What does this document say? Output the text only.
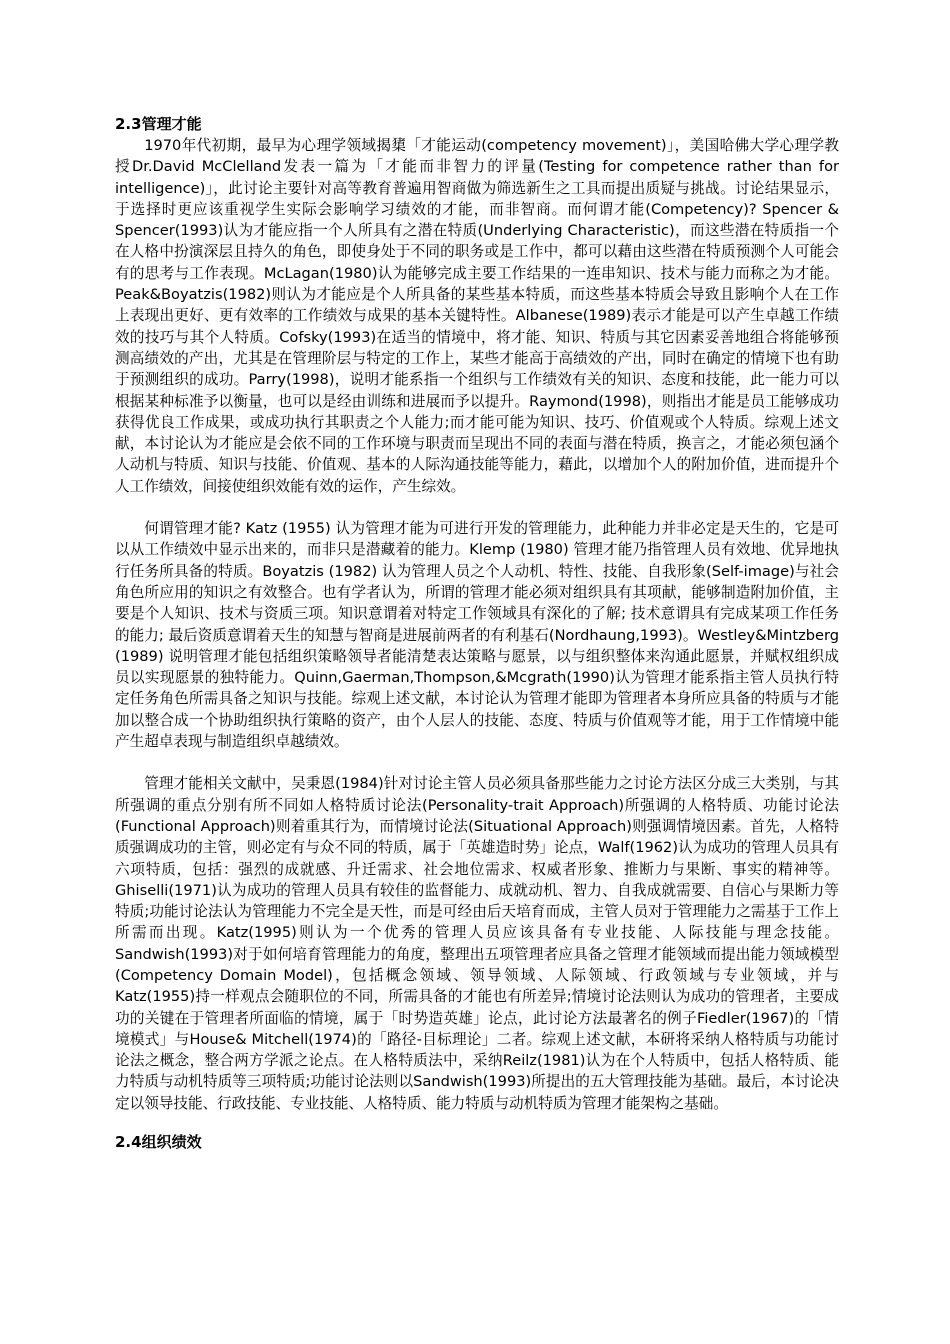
2.3管理才能

1970年代初期，最早为心理学领域揭橥「才能运动(competency movement)」，美国哈佛大学心理学教授Dr.David McClelland发表一篇为「才能而非智力的评量(Testing for competence rather than for intelligence)」，此讨论主要针对高等教育普遍用智商做为筛选新生之工具而提出质疑与挑战。讨论结果显示，于选择时更应该重视学生实际会影响学习绩效的才能，而非智商。而何谓才能(Competency)? Spencer & Spencer(1993)认为才能应指一个人所具有之潜在特质(Underlying Characteristic)，而这些潜在特质指一个在人格中扮演深层且持久的角色，即使身处于不同的职务或是工作中，都可以藉由这些潜在特质预测个人可能会有的思考与工作表现。McLagan(1980)认为能够完成主要工作结果的一连串知识、技术与能力而称之为才能。Peak&Boyatzis(1982)则认为才能应是个人所具备的某些基本特质，而这些基本特质会导致且影响个人在工作上表现出更好、更有效率的工作绩效与成果的基本关键特性。Albanese(1989)表示才能是可以产生卓越工作绩效的技巧与其个人特质。Cofsky(1993)在适当的情境中，将才能、知识、特质与其它因素妥善地组合将能够预测高绩效的产出，尤其是在管理阶层与特定的工作上，某些才能高于高绩效的产出，同时在确定的情境下也有助于预测组织的成功。Parry(1998)，说明才能系指一个组织与工作绩效有关的知识、态度和技能，此一能力可以根据某种标准予以衡量，也可以是经由训练和进展而予以提升。Raymond(1998)，则指出才能是员工能够成功获得优良工作成果，或成功执行其职责之个人能力;而才能可能为知识、技巧、价值观或个人特质。综观上述文献，本讨论认为才能应是会依不同的工作环境与职责而呈现出不同的表面与潜在特质，换言之，才能必须包涵个人动机与特质、知识与技能、价值观、基本的人际沟通技能等能力，藉此，以增加个人的附加价值，进而提升个人工作绩效，间接使组织效能有效的运作，产生综效。

何谓管理才能? Katz (1955) 认为管理才能为可进行开发的管理能力，此种能力并非必定是天生的，它是可以从工作绩效中显示出来的，而非只是潜藏着的能力。Klemp (1980) 管理才能乃指管理人员有效地、优异地执行任务所具备的特质。Boyatzis (1982) 认为管理人员之个人动机、特性、技能、自我形象(Self-image)与社会角色所应用的知识之有效整合。也有学者认为，所谓的管理才能必须对组织具有其项献，能够制造附加价值，主要是个人知识、技术与资质三项。知识意谓着对特定工作领域具有深化的了解; 技术意谓具有完成某项工作任务的能力; 最后资质意谓着天生的知慧与智商是进展前两者的有利基石(Nordhaung,1993)。Westley&Mintzberg (1989) 说明管理才能包括组织策略领导者能清楚表达策略与愿景，以与组织整体来沟通此愿景，并赋权组织成员以实现愿景的独特能力。Quinn,Gaerman,Thompson,&Mcgrath(1990)认为管理才能系指主管人员执行特定任务角色所需具备之知识与技能。综观上述文献，本讨论认为管理才能即为管理者本身所应具备的特质与才能加以整合成一个协助组织执行策略的资产，由个人层人的技能、态度、特质与价值观等才能，用于工作情境中能产生超卓表现与制造组织卓越绩效。

管理才能相关文献中，吴秉恩(1984)针对讨论主管人员必须具备那些能力之讨论方法区分成三大类别，与其所强调的重点分别有所不同如人格特质讨论法(Personality-trait Approach)所强调的人格特质、功能讨论法(Functional Approach)则着重其行为，而情境讨论法(Situational Approach)则强调情境因素。首先，人格特质强调成功的主管，则必定有与众不同的特质，属于「英雄造时势」论点，Walf(1962)认为成功的管理人员具有六项特质，包括：强烈的成就感、升迁需求、社会地位需求、权威者形象、推断力与果断、事实的精神等。Ghiselli(1971)认为成功的管理人员具有较佳的监督能力、成就动机、智力、自我成就需要、自信心与果断力等特质;功能讨论法认为管理能力不完全是天性，而是可经由后天培育而成，主管人员对于管理能力之需基于工作上所需而出现。Katz(1995)则认为一个优秀的管理人员应该具备有专业技能、人际技能与理念技能。Sandwish(1993)对于如何培育管理能力的角度，整理出五项管理者应具备之管理才能领域而提出能力领域模型(Competency Domain Model)，包括概念领域、领导领域、人际领域、行政领域与专业领域，并与Katz(1955)持一样观点会随职位的不同，所需具备的才能也有所差异;情境讨论法则认为成功的管理者，主要成功的关键在于管理者所面临的情境，属于「时势造英雄」论点，此讨论方法最著名的例子Fiedler(1967)的「情境模式」与House& Mitchell(1974)的「路径-目标理论」二者。综观上述文献，本研将采纳人格特质与功能讨论法之概念，整合两方学派之论点。在人格特质法中，采纳Reilz(1981)认为在个人特质中，包括人格特质、能力特质与动机特质等三项特质;功能讨论法则以Sandwish(1993)所提出的五大管理技能为基础。最后，本讨论决定以领导技能、行政技能、专业技能、人格特质、能力特质与动机特质为管理才能架构之基础。

2.4组织绩效
